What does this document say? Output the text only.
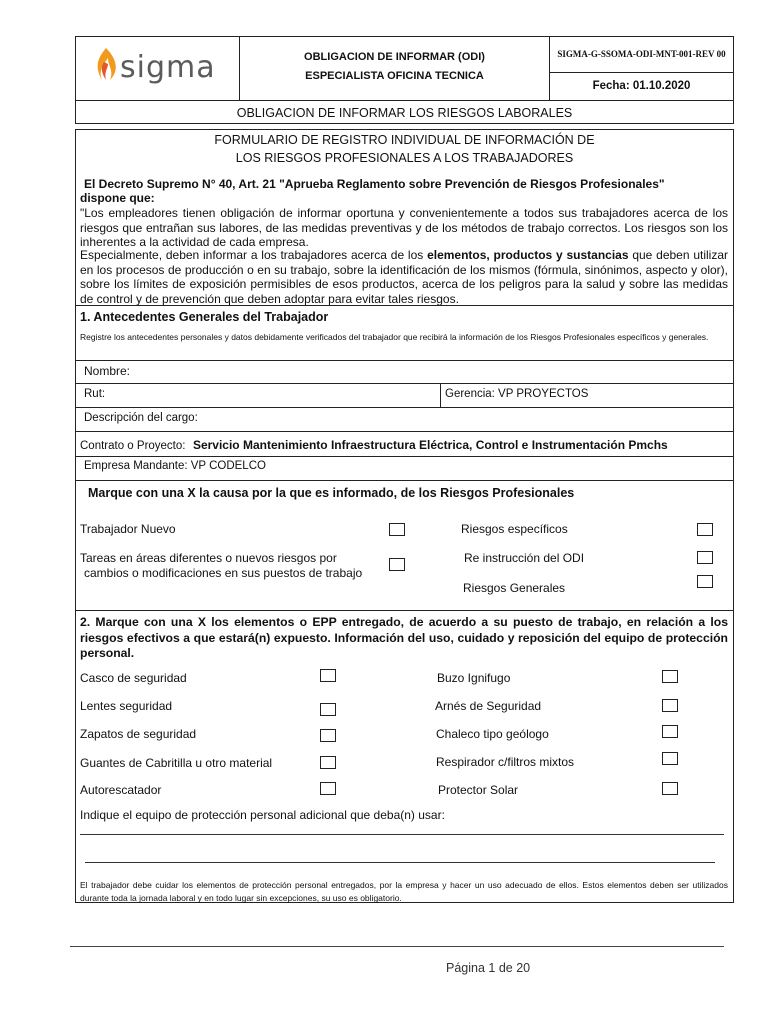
sigma	OBLIGACION DE INFORMAR (ODI)
ESPECIALISTA OFICINA TECNICA
SIGMA-G-SSOMA-ODI-MNT-001-REV 00
Fecha: 01.10.2020
OBLIGACION DE INFORMAR LOS RIESGOS LABORALES
FORMULARIO DE REGISTRO INDIVIDUAL DE INFORMACIÓN DE
LOS RIESGOS PROFESIONALES A LOS TRABAJADORES
El Decreto Supremo N° 40, Art. 21 "Aprueba Reglamento sobre Prevención de Riesgos Profesionales"
dispone que:
"Los empleadores tienen obligación de informar oportuna y convenientemente a todos sus trabajadores acerca de los riesgos que entrañan sus labores, de las medidas preventivas y de los métodos de trabajo correctos. Los riesgos son los inherentes a la actividad de cada empresa.
Especialmente, deben informar a los trabajadores acerca de los elementos, productos y sustancias que deben utilizar en los procesos de producción o en su trabajo, sobre la identificación de los mismos (fórmula, sinónimos, aspecto y olor), sobre los límites de exposición permisibles de esos productos, acerca de los peligros para la salud y sobre las medidas de control y de prevención que deben adoptar para evitar tales riesgos.
1. Antecedentes Generales del Trabajador
Registre los antecedentes personales y datos debidamente verificados del trabajador que recibirá la información de los Riesgos Profesionales específicos y generales.
Nombre:
Rut:	Gerencia: VP PROYECTOS
Descripción del cargo:
Contrato o Proyecto: Servicio Mantenimiento Infraestructura Eléctrica, Control e Instrumentación Pmchs
Empresa Mandante: VP CODELCO
Marque con una X la causa por la que es informado, de los Riesgos Profesionales
Trabajador Nuevo
Tareas en áreas diferentes o nuevos riesgos por
cambios o modificaciones en sus puestos de trabajo
Riesgos específicos
Re instrucción del ODI
Riesgos Generales
2. Marque con una X los elementos o EPP entregado, de acuerdo a su puesto de trabajo, en relación a los riesgos efectivos a que estará(n) expuesto. Información del uso, cuidado y reposición del equipo de protección personal.
Casco de seguridad
Lentes seguridad
Zapatos de seguridad
Guantes de Cabritilla u otro material
Autorescatador
Buzo Ignifugo
Arnés de Seguridad
Chaleco tipo geólogo
Respirador c/filtros mixtos
Protector Solar
Indique el equipo de protección personal adicional que deba(n) usar:
El trabajador debe cuidar los elementos de protección personal entregados, por la empresa y hacer un uso adecuado de ellos. Estos elementos deben ser utilizados durante toda la jornada laboral y en todo lugar sin excepciones, su uso es obligatorio.
Página 1 de 20
